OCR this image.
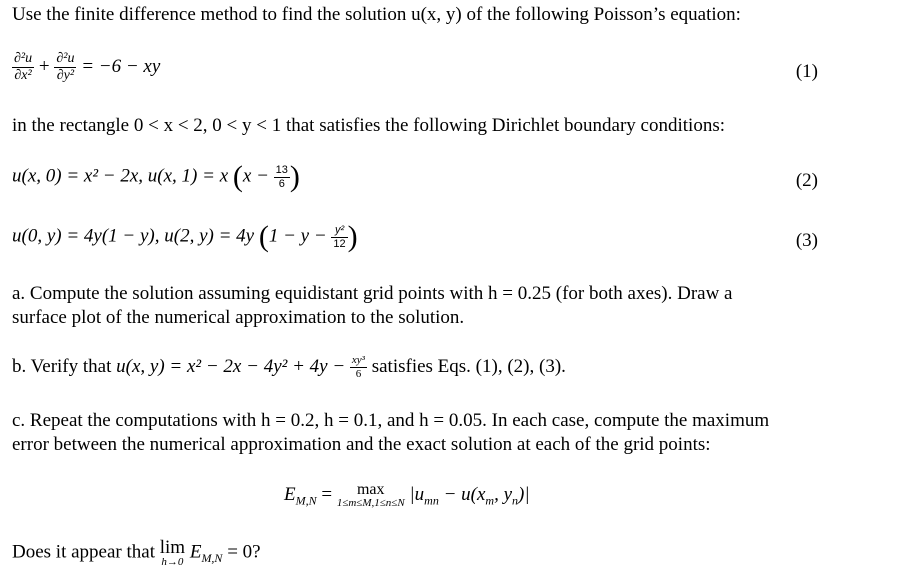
Use the finite difference method to find the solution u(x, y) of the following Poisson’s equation:
$\frac{\text{∂²u}}{\text{∂x²}} + \frac{\text{∂²u}}{\text{∂y²}} = -6$ − xy	(1)
in the rectangle 0 < x < 2, 0 < y < 1 that satisfies the following Dirichlet boundary conditions:
u(x, 0) = x² − 2x, u(x, 1) = x ($x - \frac{13}{6}$ )	(2)
u(0, y) = 4y(1 − y), u(2, y) = 4y ($1 - y - \frac{\text{y²}}{12}$ )	(3)
a. Compute the solution assuming equidistant grid points with h = 0.25 (for both axes). Draw a
surface plot of the numerical approximation to the solution.
b. Verify that u(x, $y) = x^2 - 2x - 4y^2 + 4y - \frac{\text{xy³}}{6}$ satisfies Eqs. (1), (2), (3).
c. Repeat the computations with h = 0.2, h = 0.1, and h = 0.05. In each case, compute the maximum
error between the numerical approximation and the exact solution at each of the grid points:
$E_{M,N}$ =	max
1≤m≤M,1≤n≤N $|u_{mn} - u(x_m$, $y_n)|$
Does it appear that lim
h→0 $E_{M,N} = 0$?
